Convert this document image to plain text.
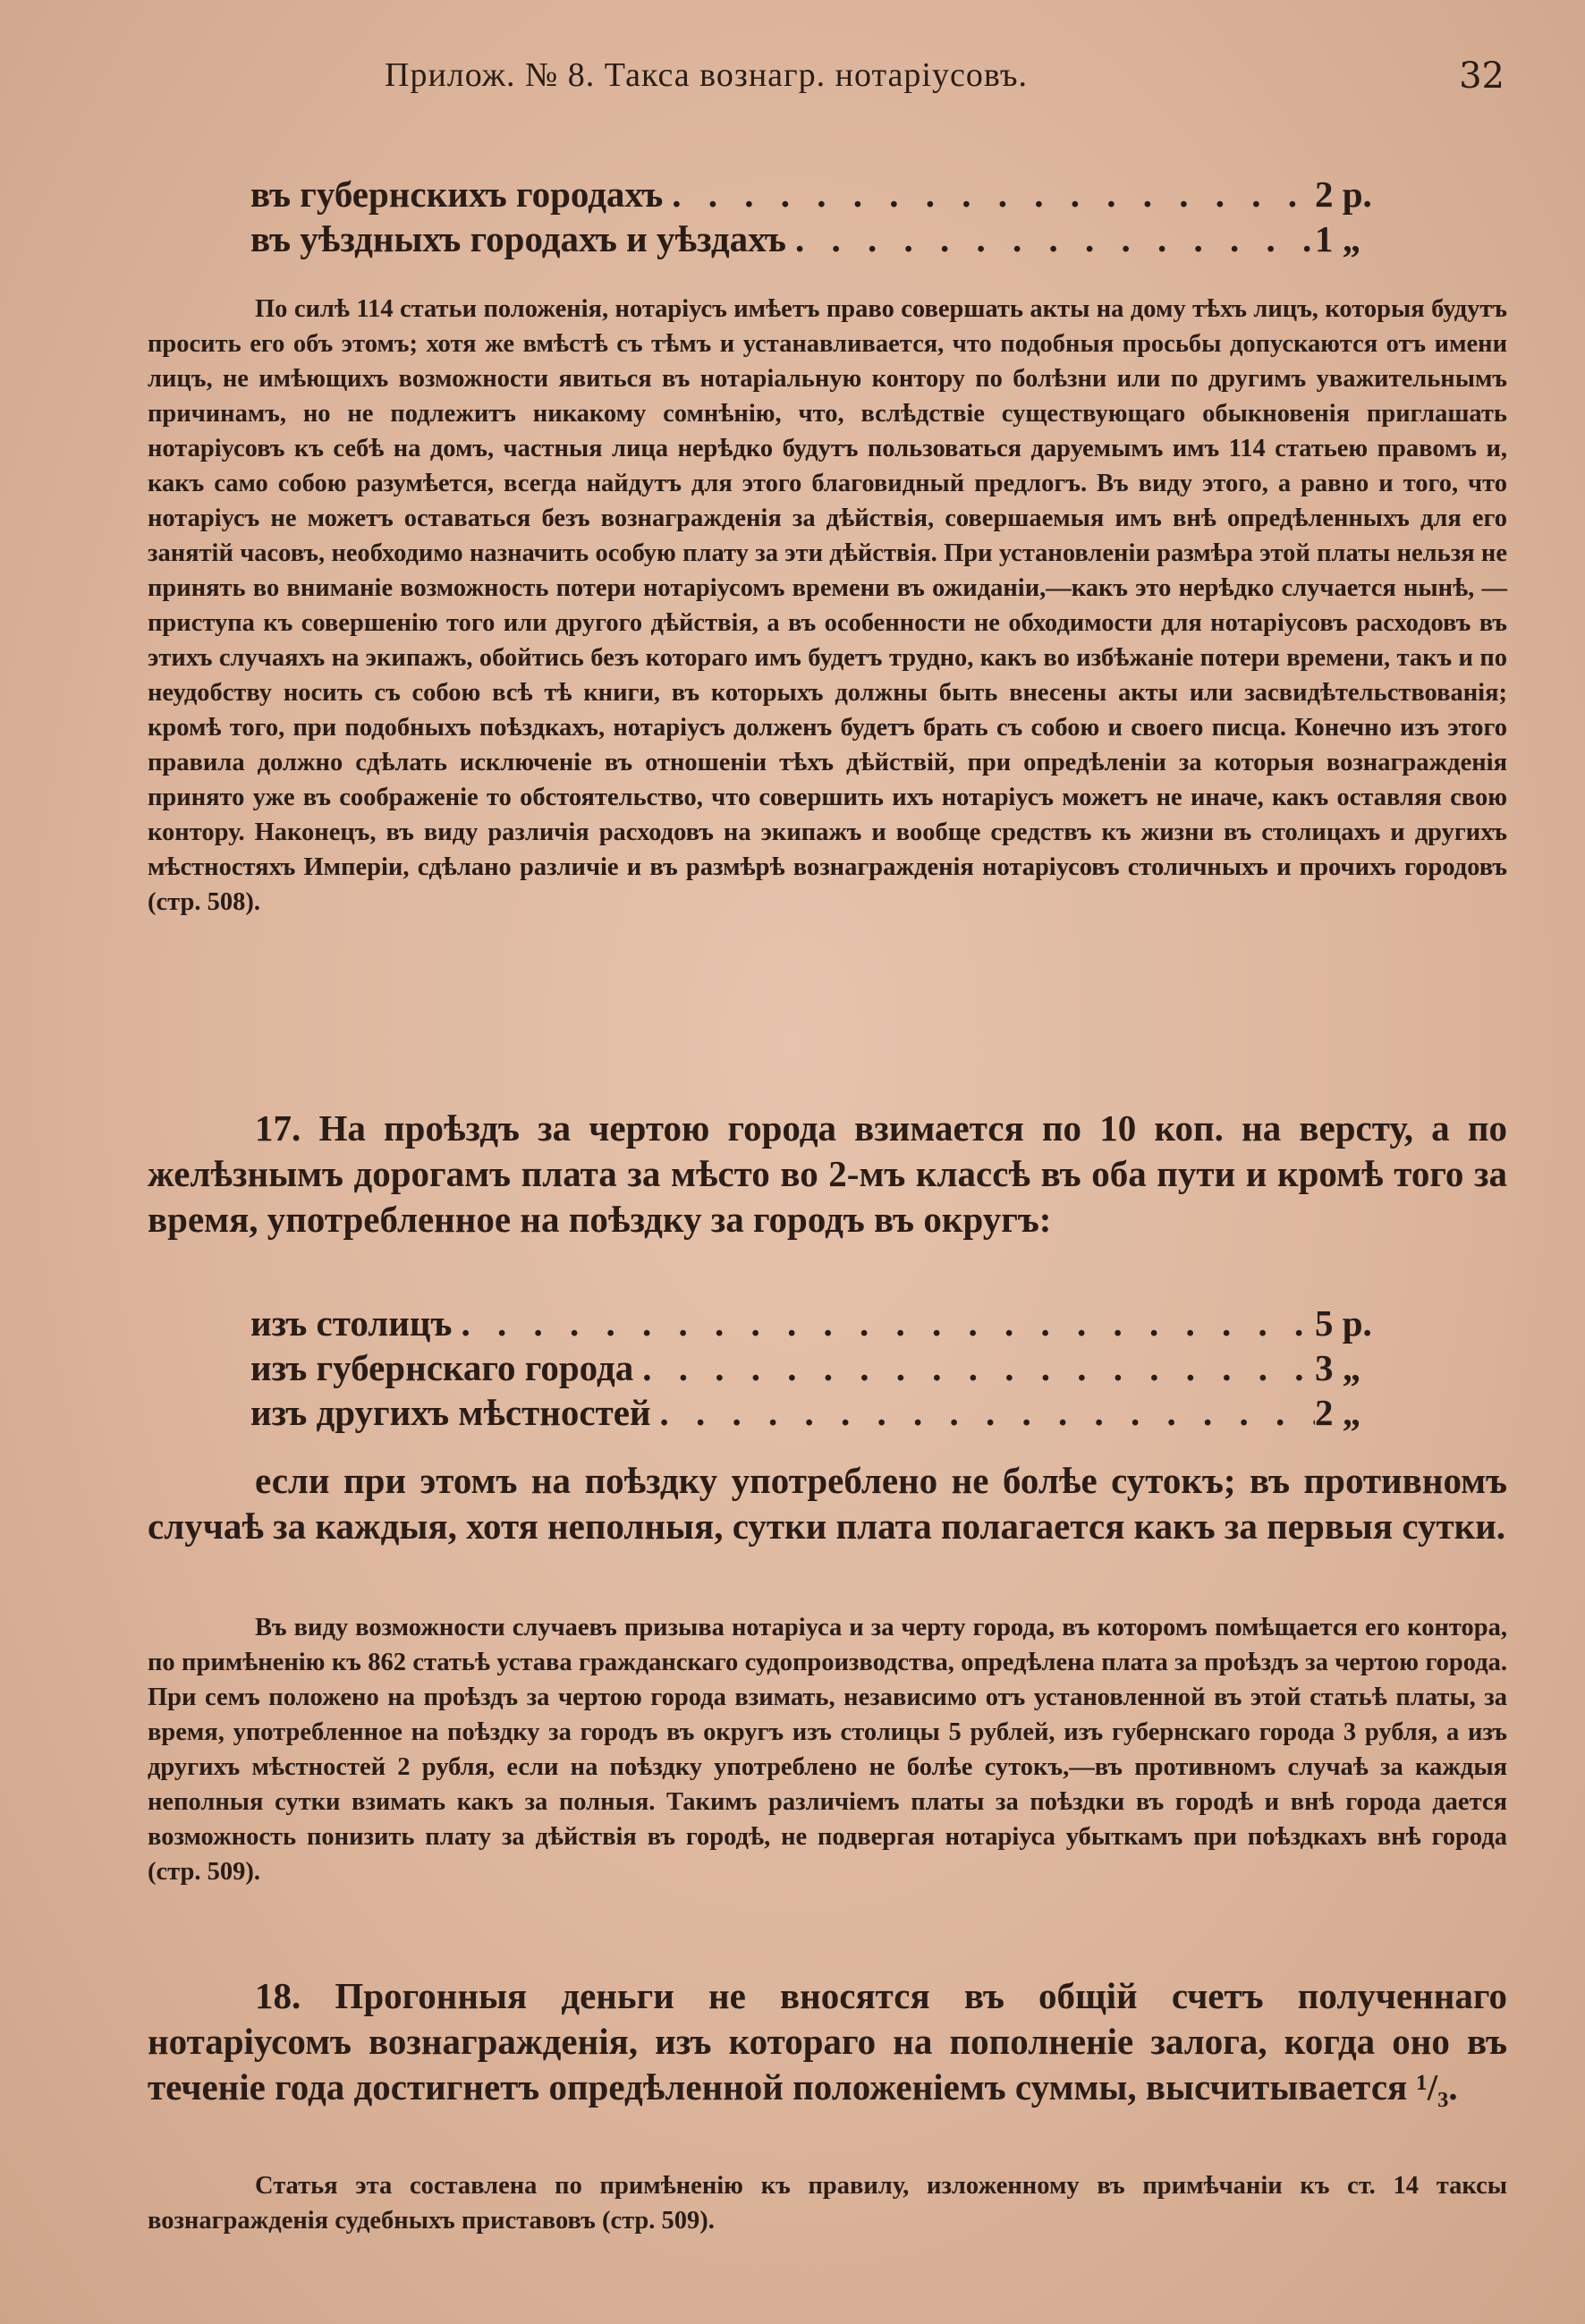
Прилож. № 8. Такса вознагр. нотаріусовъ.	32
въ губернскихъ городахъ . . .	2 р.
въ уѣздныхъ городахъ и уѣздахъ . . .	1 „

По силѣ 114 статьи положенія, нотаріусъ имѣетъ право совершать акты на дому тѣхъ лицъ, которыя будутъ просить его объ этомъ; хотя же вмѣстѣ съ тѣмъ и устанавливается, что подобныя просьбы допускаются отъ имени лицъ, не имѣющихъ возможности явиться въ нотаріальную контору по болѣзни или по другимъ уважительнымъ причинамъ, но не подлежитъ никакому сомнѣнію, что, вслѣдствіе существующаго обыкновенія приглашать нотаріусовъ къ себѣ на домъ, частныя лица нерѣдко будутъ пользоваться даруемымъ имъ 114 статьею правомъ и, какъ само собою разумѣется, всегда найдутъ для этого благовидный предлогъ. Въ виду этого, а равно и того, что нотаріусъ не можетъ оставаться безъ вознагражденія за дѣйствія, совершаемыя имъ внѣ опредѣленныхъ для его занятій часовъ, необходимо назначить особую плату за эти дѣйствія. При установленіи размѣра этой платы нельзя не принять во вниманіе возможность потери нотаріусомъ времени въ ожиданіи,—какъ это нерѣдко случается нынѣ, — приступа къ совершенію того или другого дѣйствія, а въ особенности не обходимости для нотаріусовъ расходовъ въ этихъ случаяхъ на экипажъ, обойтись безъ котораго имъ будетъ трудно, какъ во избѣжаніе потери времени, такъ и по неудобству носить съ собою всѣ тѣ книги, въ которыхъ должны быть внесены акты или засвидѣтельствованія; кромѣ того, при подобныхъ поѣздкахъ, нотаріусъ долженъ будетъ брать съ собою и своего писца. Конечно изъ этого правила должно сдѣлать исключеніе въ отношеніи тѣхъ дѣйствій, при опредѣленіи за которыя вознагражденія принято уже въ соображеніе то обстоятельство, что совершить ихъ нотаріусъ можетъ не иначе, какъ оставляя свою контору. Наконецъ, въ виду различія расходовъ на экипажъ и вообще средствъ къ жизни въ столицахъ и другихъ мѣстностяхъ Имперіи, сдѣлано различіе и въ размѣрѣ вознагражденія нотаріусовъ столичныхъ и прочихъ городовъ (стр. 508).

17. На проѣздъ за чертою города взимается по 10 коп. на версту, а по желѣзнымъ дорогамъ плата за мѣсто во 2-мъ классѣ въ оба пути и кромѣ того за время, употребленное на поѣздку за городъ въ округъ:

изъ столицъ . . .	5 р.
изъ губернскаго города . . .	3 „
изъ другихъ мѣстностей . . .	2 „

если при этомъ на поѣздку употреблено не болѣе сутокъ; въ противномъ случаѣ за каждыя, хотя неполныя, сутки плата полагается какъ за первыя сутки.

Въ виду возможности случаевъ призыва нотаріуса и за черту города, въ которомъ помѣщается его контора, по примѣненію къ 862 статьѣ устава гражданскаго судопроизводства, опредѣлена плата за проѣздъ за чертою города. При семъ положено на проѣздъ за чертою города взимать, независимо отъ установленной въ этой статьѣ платы, за время, употребленное на поѣздку за городъ въ округъ изъ столицы 5 рублей, изъ губернскаго города 3 рубля, а изъ другихъ мѣстностей 2 рубля, если на поѣздку употреблено не болѣе сутокъ,—въ противномъ случаѣ за каждыя неполныя сутки взимать какъ за полныя. Такимъ различіемъ платы за поѣздки въ городѣ и внѣ города дается возможность понизить плату за дѣйствія въ городѣ, не подвергая нотаріуса убыткамъ при поѣздкахъ внѣ города (стр. 509).

18. Прогонныя деньги не вносятся въ общій счетъ полученнаго нотаріусомъ вознагражденія, изъ котораго на пополненіе залога, когда оно въ теченіе года достигнетъ опредѣленной положеніемъ суммы, высчитывается ¹/₃.

Статья эта составлена по примѣненію къ правилу, изложенному въ примѣчаніи къ ст. 14 таксы вознагражденія судебныхъ приставовъ (стр. 509).
